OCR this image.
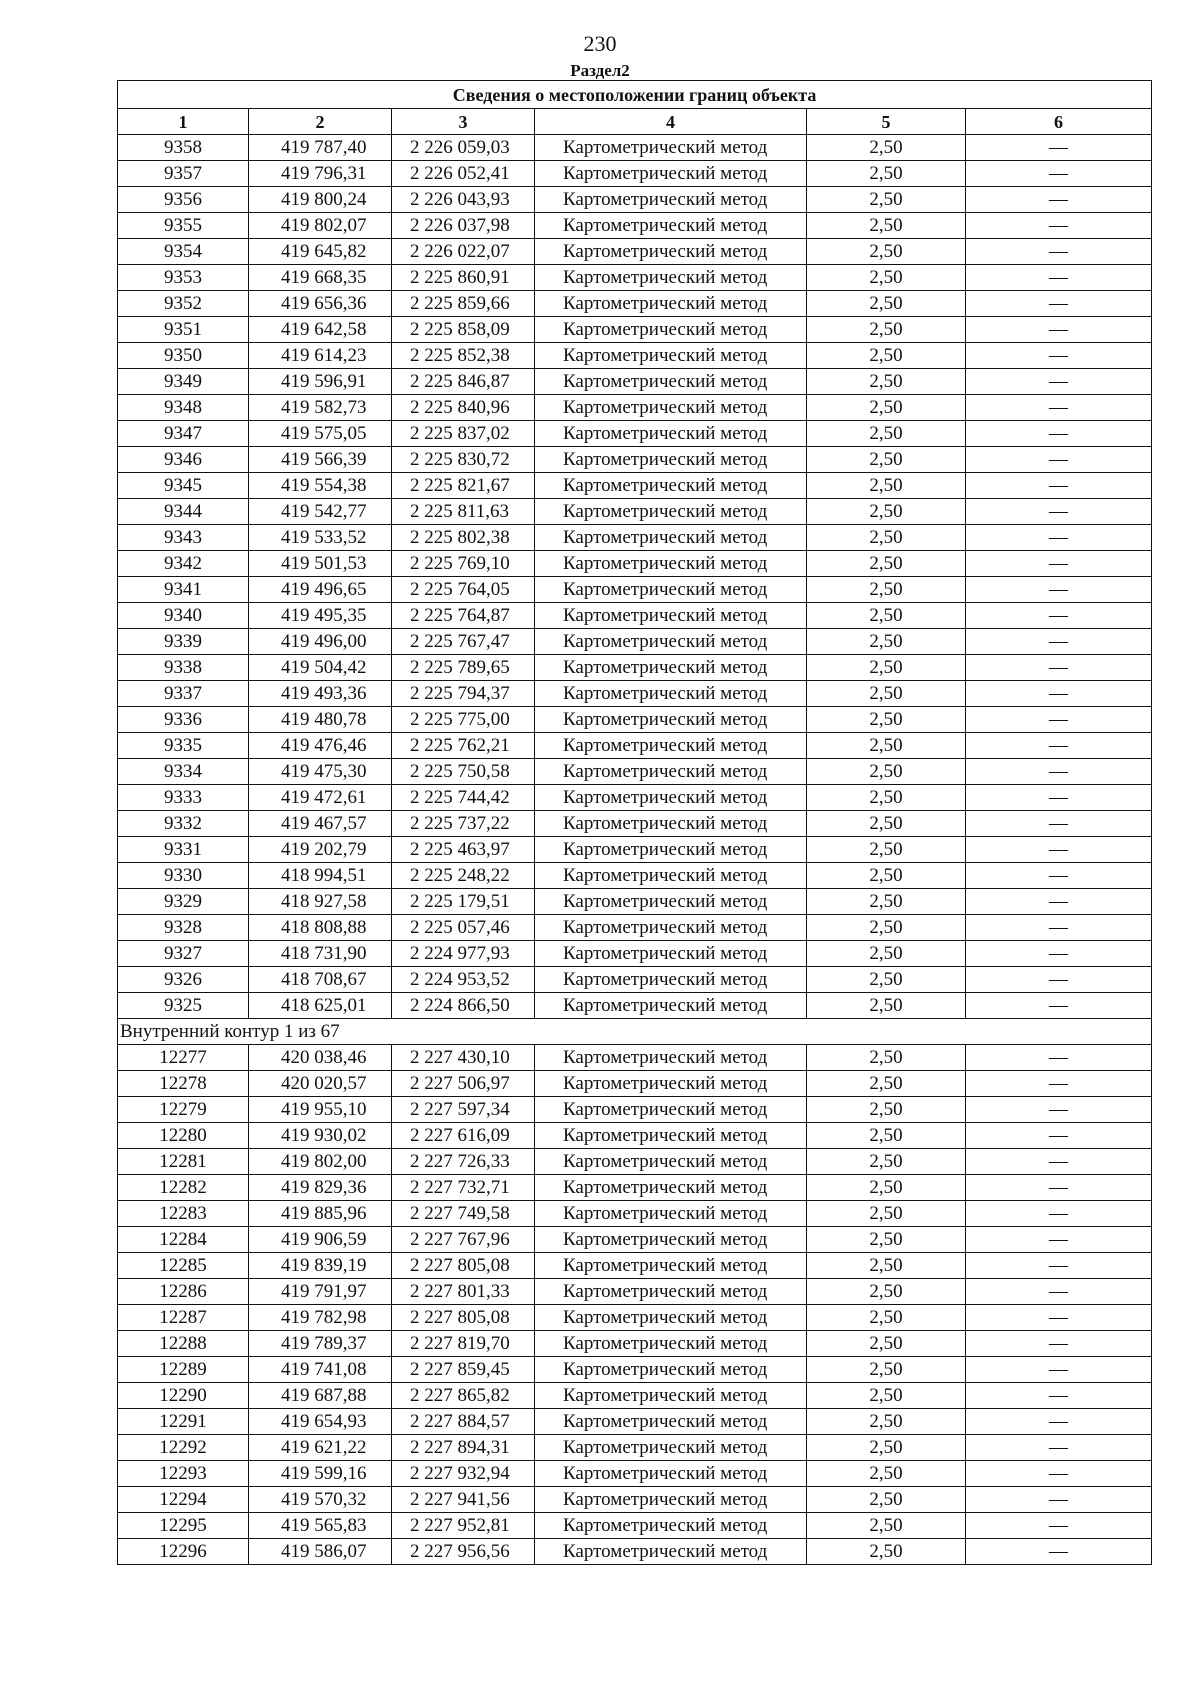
230
Раздел2
Сведения о местоположении границ объекта					
1	2	3	4	5	6
9358	419 787,40	2 226 059,03	Картометрический метод	2,50	—
9357	419 796,31	2 226 052,41	Картометрический метод	2,50	—
9356	419 800,24	2 226 043,93	Картометрический метод	2,50	—
9355	419 802,07	2 226 037,98	Картометрический метод	2,50	—
9354	419 645,82	2 226 022,07	Картометрический метод	2,50	—
9353	419 668,35	2 225 860,91	Картометрический метод	2,50	—
9352	419 656,36	2 225 859,66	Картометрический метод	2,50	—
9351	419 642,58	2 225 858,09	Картометрический метод	2,50	—
9350	419 614,23	2 225 852,38	Картометрический метод	2,50	—
9349	419 596,91	2 225 846,87	Картометрический метод	2,50	—
9348	419 582,73	2 225 840,96	Картометрический метод	2,50	—
9347	419 575,05	2 225 837,02	Картометрический метод	2,50	—
9346	419 566,39	2 225 830,72	Картометрический метод	2,50	—
9345	419 554,38	2 225 821,67	Картометрический метод	2,50	—
9344	419 542,77	2 225 811,63	Картометрический метод	2,50	—
9343	419 533,52	2 225 802,38	Картометрический метод	2,50	—
9342	419 501,53	2 225 769,10	Картометрический метод	2,50	—
9341	419 496,65	2 225 764,05	Картометрический метод	2,50	—
9340	419 495,35	2 225 764,87	Картометрический метод	2,50	—
9339	419 496,00	2 225 767,47	Картометрический метод	2,50	—
9338	419 504,42	2 225 789,65	Картометрический метод	2,50	—
9337	419 493,36	2 225 794,37	Картометрический метод	2,50	—
9336	419 480,78	2 225 775,00	Картометрический метод	2,50	—
9335	419 476,46	2 225 762,21	Картометрический метод	2,50	—
9334	419 475,30	2 225 750,58	Картометрический метод	2,50	—
9333	419 472,61	2 225 744,42	Картометрический метод	2,50	—
9332	419 467,57	2 225 737,22	Картометрический метод	2,50	—
9331	419 202,79	2 225 463,97	Картометрический метод	2,50	—
9330	418 994,51	2 225 248,22	Картометрический метод	2,50	—
9329	418 927,58	2 225 179,51	Картометрический метод	2,50	—
9328	418 808,88	2 225 057,46	Картометрический метод	2,50	—
9327	418 731,90	2 224 977,93	Картометрический метод	2,50	—
9326	418 708,67	2 224 953,52	Картометрический метод	2,50	—
9325	418 625,01	2 224 866,50	Картометрический метод	2,50	—
Внутренний контур 1 из 67					
12277	420 038,46	2 227 430,10	Картометрический метод	2,50	—
12278	420 020,57	2 227 506,97	Картометрический метод	2,50	—
12279	419 955,10	2 227 597,34	Картометрический метод	2,50	—
12280	419 930,02	2 227 616,09	Картометрический метод	2,50	—
12281	419 802,00	2 227 726,33	Картометрический метод	2,50	—
12282	419 829,36	2 227 732,71	Картометрический метод	2,50	—
12283	419 885,96	2 227 749,58	Картометрический метод	2,50	—
12284	419 906,59	2 227 767,96	Картометрический метод	2,50	—
12285	419 839,19	2 227 805,08	Картометрический метод	2,50	—
12286	419 791,97	2 227 801,33	Картометрический метод	2,50	—
12287	419 782,98	2 227 805,08	Картометрический метод	2,50	—
12288	419 789,37	2 227 819,70	Картометрический метод	2,50	—
12289	419 741,08	2 227 859,45	Картометрический метод	2,50	—
12290	419 687,88	2 227 865,82	Картометрический метод	2,50	—
12291	419 654,93	2 227 884,57	Картометрический метод	2,50	—
12292	419 621,22	2 227 894,31	Картометрический метод	2,50	—
12293	419 599,16	2 227 932,94	Картометрический метод	2,50	—
12294	419 570,32	2 227 941,56	Картометрический метод	2,50	—
12295	419 565,83	2 227 952,81	Картометрический метод	2,50	—
12296	419 586,07	2 227 956,56	Картометрический метод	2,50	—
